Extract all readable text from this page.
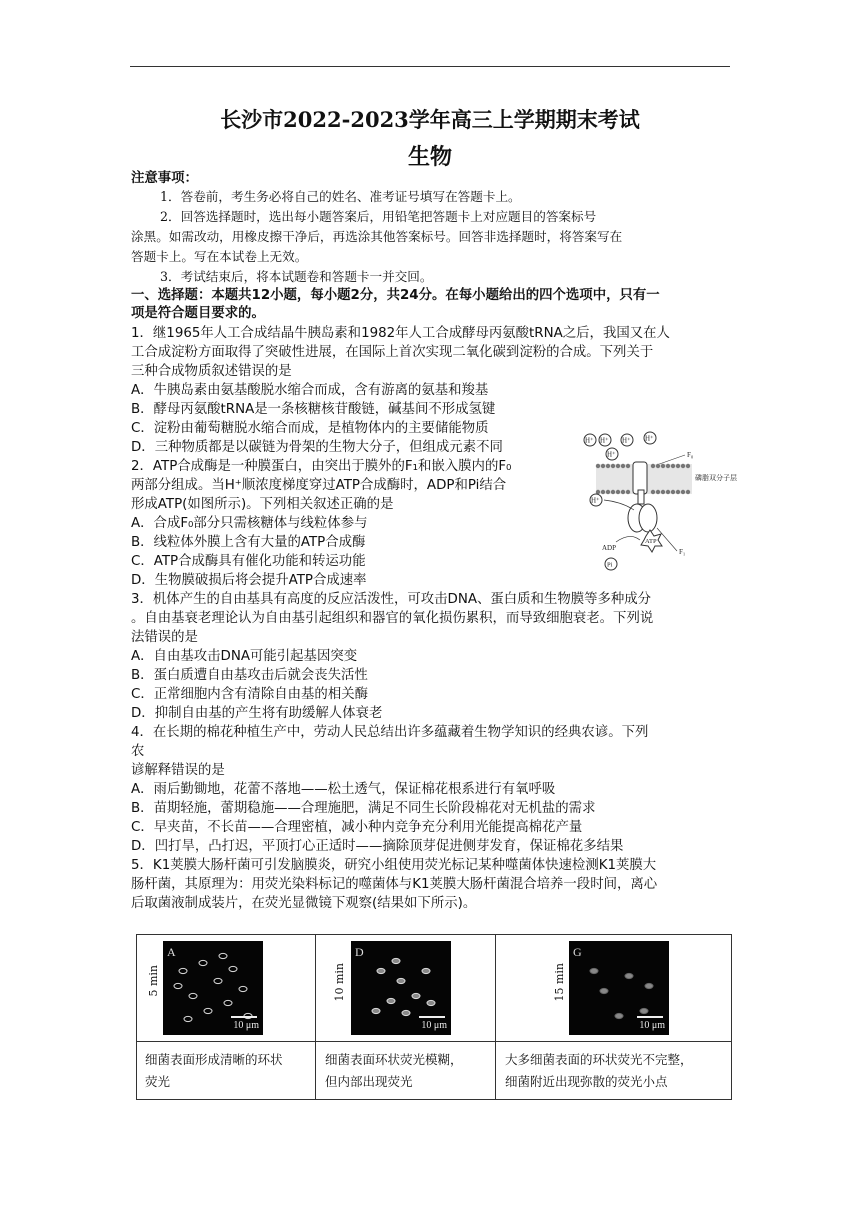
长沙市2022-2023学年高三上学期期末考试
生物
注意事项：
1．答卷前，考生务必将自己的姓名、准考证号填写在答题卡上。
2．回答选择题时，选出每小题答案后，用铅笔把答题卡上对应题目的答案标号
涂黑。如需改动，用橡皮擦干净后，再选涂其他答案标号。回答非选择题时，将答案写在
答题卡上。写在本试卷上无效。
3．考试结束后，将本试题卷和答题卡一并交回。
一、选择题：本题共12小题，每小题2分，共24分。在每小题给出的四个选项中，只有一
项是符合题目要求的。
1．继1965年人工合成结晶牛胰岛素和1982年人工合成酵母丙氨酸tRNA之后，我国又在人
工合成淀粉方面取得了突破性进展，在国际上首次实现二氧化碳到淀粉的合成。下列关于
三种合成物质叙述错误的是
A．牛胰岛素由氨基酸脱水缩合而成，含有游离的氨基和羧基
B．酵母丙氨酸tRNA是一条核糖核苷酸链，碱基间不形成氢键
C．淀粉由葡萄糖脱水缩合而成，是植物体内的主要储能物质
D．三种物质都是以碳链为骨架的生物大分子，但组成元素不同
2．ATP合成酶是一种膜蛋白，由突出于膜外的F₁和嵌入膜内的F₀
两部分组成。当H⁺顺浓度梯度穿过ATP合成酶时，ADP和Pi结合
形成ATP(如图所示)。下列相关叙述正确的是
A．合成F₀部分只需核糖体与线粒体参与
B．线粒体外膜上含有大量的ATP合成酶
C．ATP合成酶具有催化功能和转运功能
D．生物膜破损后将会提升ATP合成速率
3．机体产生的自由基具有高度的反应活泼性，可攻击DNA、蛋白质和生物膜等多种成分
。自由基衰老理论认为自由基引起组织和器官的氧化损伤累积，而导致细胞衰老。下列说
法错误的是
A．自由基攻击DNA可能引起基因突变
B．蛋白质遭自由基攻击后就会丧失活性
C．正常细胞内含有清除自由基的相关酶
D．抑制自由基的产生将有助缓解人体衰老
4．在长期的棉花种植生产中，劳动人民总结出许多蕴藏着生物学知识的经典农谚。下列
农
谚解释错误的是
A．雨后勤锄地，花蕾不落地——松土透气，保证棉花根系进行有氧呼吸
B．苗期轻施，蕾期稳施——合理施肥，满足不同生长阶段棉花对无机盐的需求
C．早夹苗，不长苗——合理密植，减小种内竞争充分利用光能提高棉花产量
D．凹打旱，凸打迟，平顶打心正适时——摘除顶芽促进侧芽发育，保证棉花多结果
5．K1荚膜大肠杆菌可引发脑膜炎，研究小组使用荧光标记某种噬菌体快速检测K1荚膜大
肠杆菌，其原理为：用荧光染料标记的噬菌体与K1荚膜大肠杆菌混合培养一段时间，离心
后取菌液制成装片，在荧光显微镜下观察(结果如下所示)。
H⁺ H⁺ H⁺ H⁺
H⁺	F₀
磷脂双分子层
H⁺
ADP
Pi
ATP
F₁
5 min
A
10 μm
细菌表面形成清晰的环状
荧光
10 min
D
10 μm
细菌表面环状荧光模糊，
但内部出现荧光
15 min
G
10 μm
大多细菌表面的环状荧光不完整，
细菌附近出现弥散的荧光小点
